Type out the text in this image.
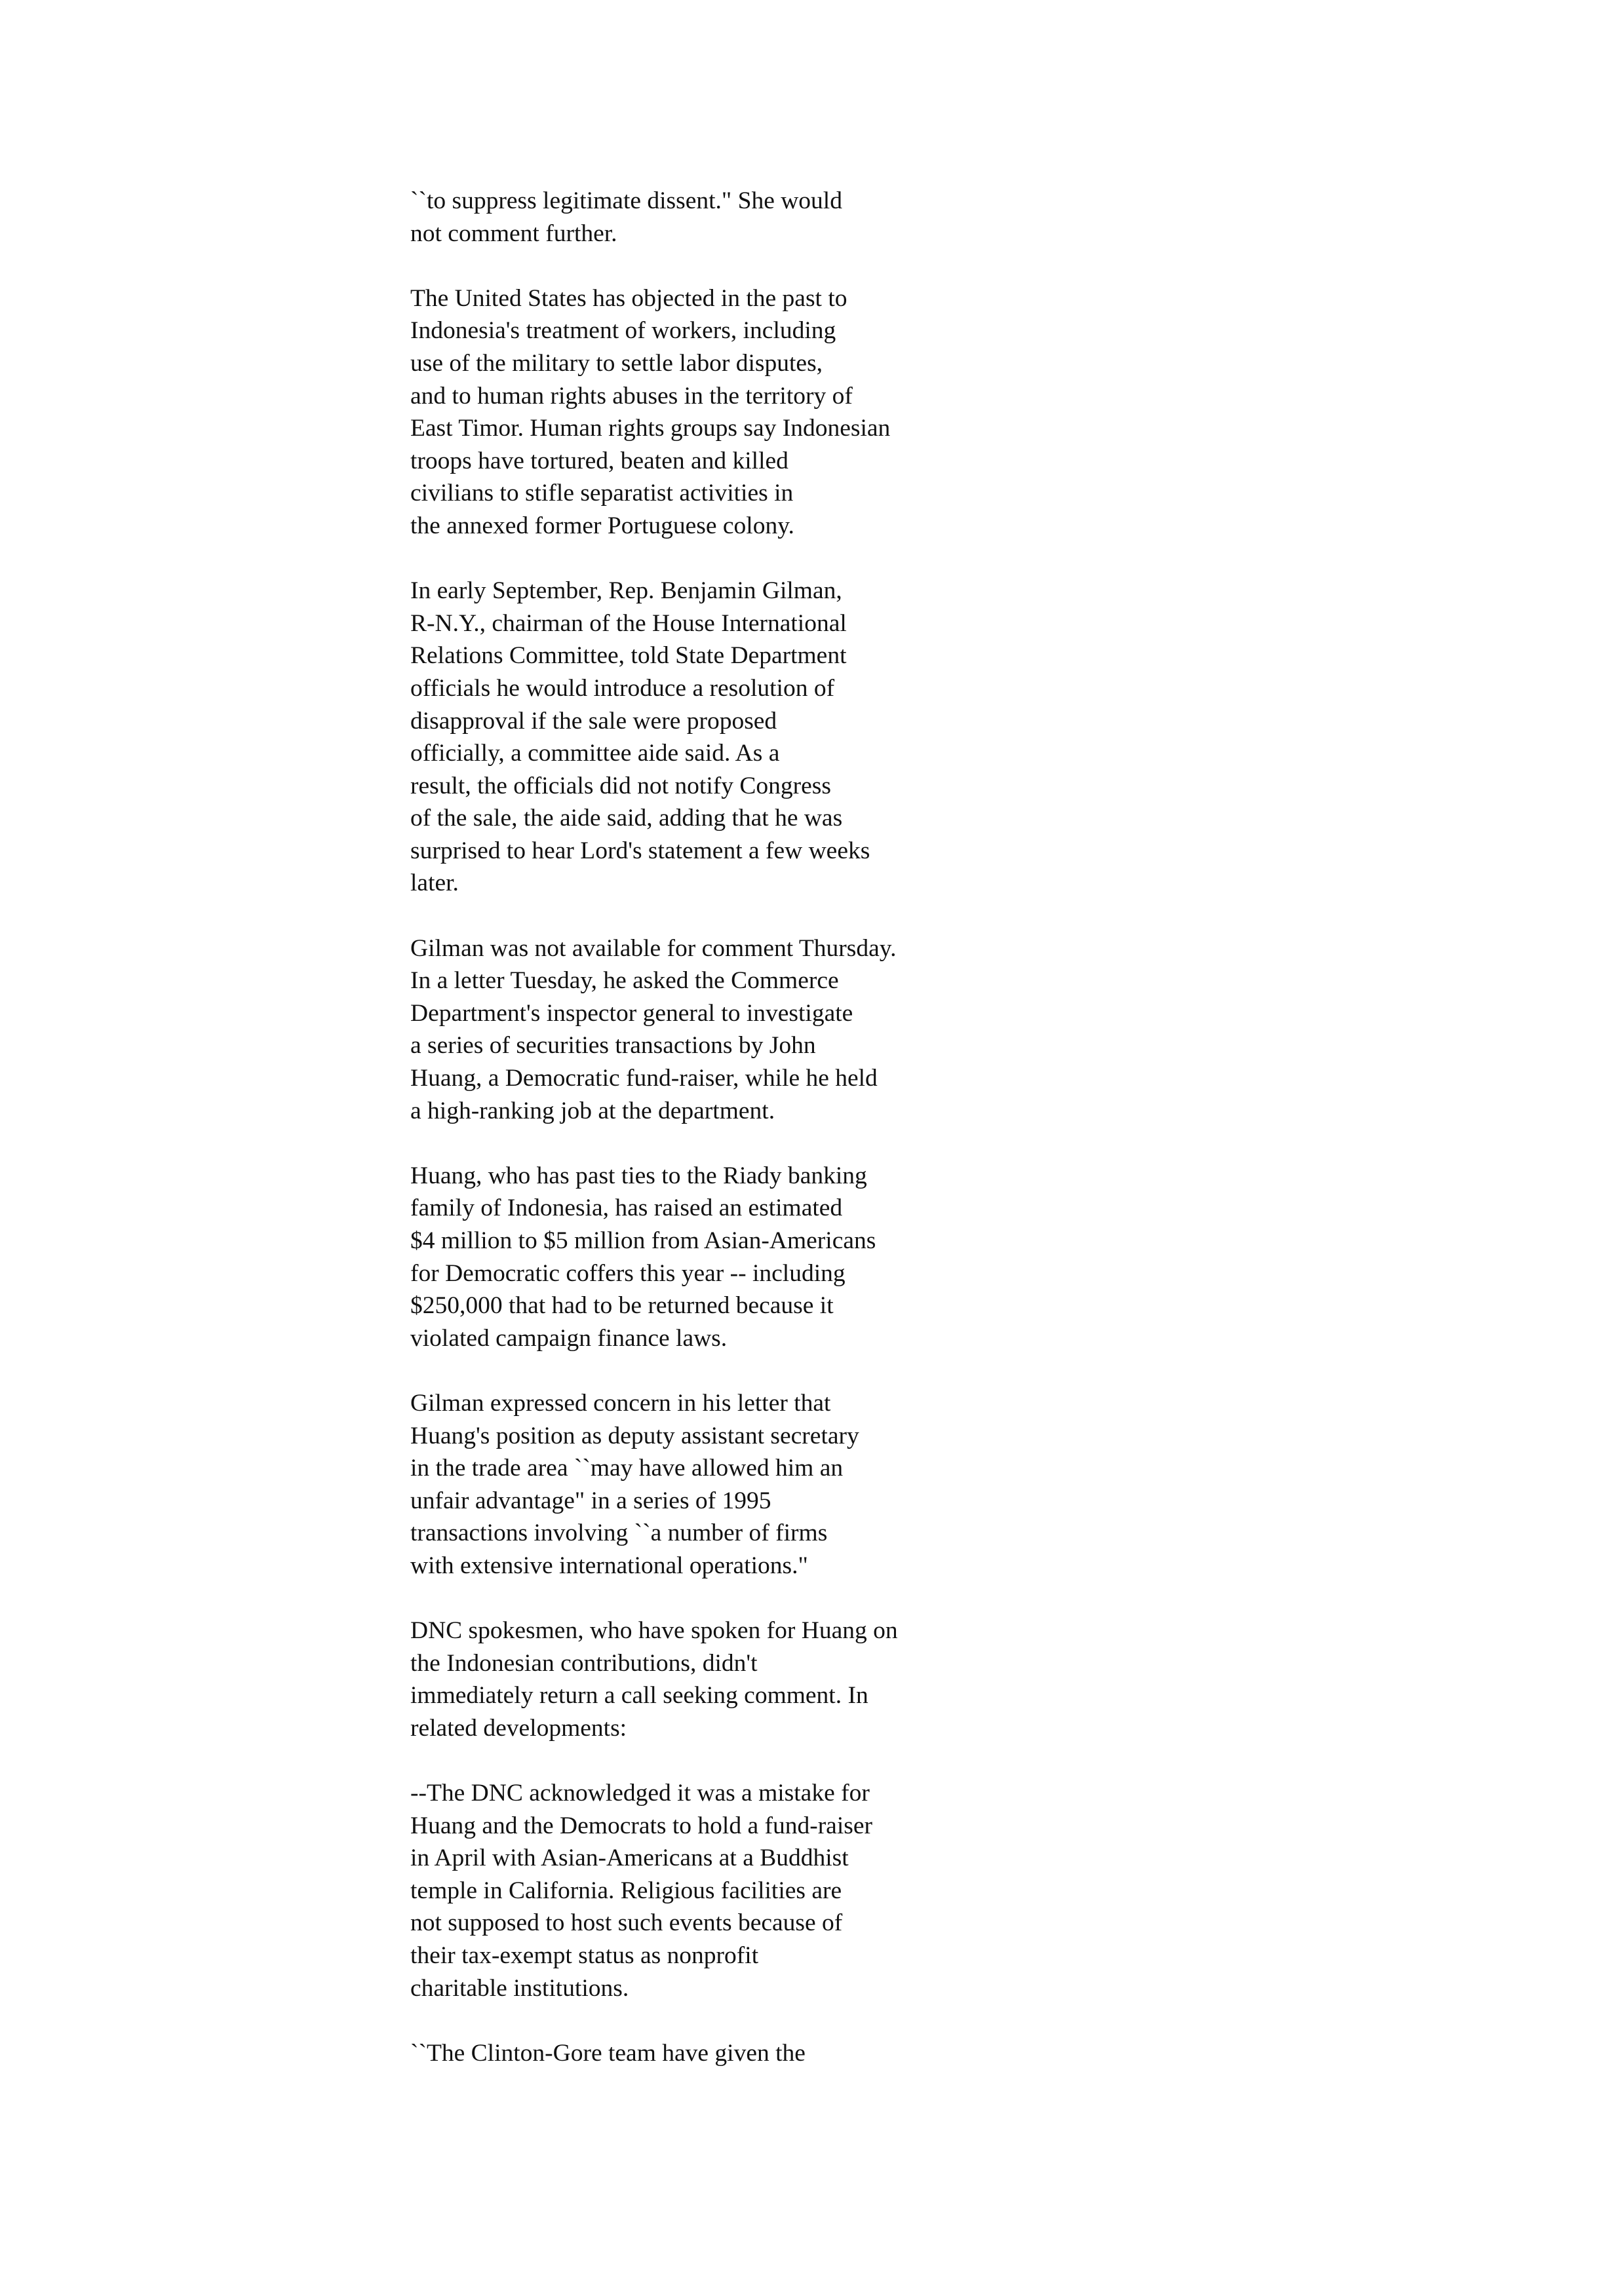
``to suppress legitimate dissent." She would
not comment further.

The United States has objected in the past to
Indonesia's treatment of workers, including
use of the military to settle labor disputes,
and to human rights abuses in the territory of
East Timor. Human rights groups say Indonesian
troops have tortured, beaten and killed
civilians to stifle separatist activities in
the annexed former Portuguese colony.

In early September, Rep. Benjamin Gilman,
R-N.Y., chairman of the House International
Relations Committee, told State Department
officials he would introduce a resolution of
disapproval if the sale were proposed
officially, a committee aide said. As a
result, the officials did not notify Congress
of the sale, the aide said, adding that he was
surprised to hear Lord's statement a few weeks
later.

Gilman was not available for comment Thursday.
In a letter Tuesday, he asked the Commerce
Department's inspector general to investigate
a series of securities transactions by John
Huang, a Democratic fund-raiser, while he held
a high-ranking job at the department.

Huang, who has past ties to the Riady banking
family of Indonesia, has raised an estimated
$4 million to $5 million from Asian-Americans
for Democratic coffers this year -- including
$250,000 that had to be returned because it
violated campaign finance laws.

Gilman expressed concern in his letter that
Huang's position as deputy assistant secretary
in the trade area ``may have allowed him an
unfair advantage" in a series of 1995
transactions involving ``a number of firms
with extensive international operations."

DNC spokesmen, who have spoken for Huang on
the Indonesian contributions, didn't
immediately return a call seeking comment. In
related developments:

--The DNC acknowledged it was a mistake for
Huang and the Democrats to hold a fund-raiser
in April with Asian-Americans at a Buddhist
temple in California. Religious facilities are
not supposed to host such events because of
their tax-exempt status as nonprofit
charitable institutions.

``The Clinton-Gore team have given the
